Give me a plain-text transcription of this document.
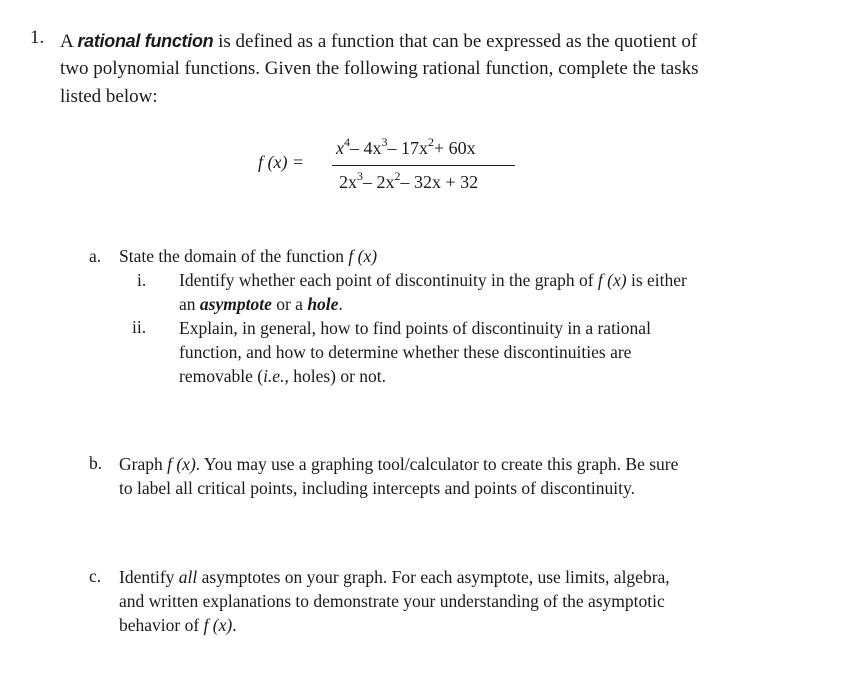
1. A rational function is defined as a function that can be expressed as the quotient of
two polynomial functions. Given the following rational function, complete the tasks
listed below:
f (x) =
$x^4-$ $4x^3-$ $17x^2+ 60x$
$2x^3-$ $2x^2-$ 32x + 32
a. State the domain of the function f (x)
i. Identify whether each point of discontinuity in the graph of f (x) is either
an asymptote or a hole.
ii. Explain, in general, how to find points of discontinuity in a rational
function, and how to determine whether these discontinuities are
removable (i.e., holes) or not.
b. Graph f (x). You may use a graphing tool/calculator to create this graph. Be sure
to label all critical points, including intercepts and points of discontinuity.
c. Identify all asymptotes on your graph. For each asymptote, use limits, algebra,
and written explanations to demonstrate your understanding of the asymptotic
behavior of f (x).
